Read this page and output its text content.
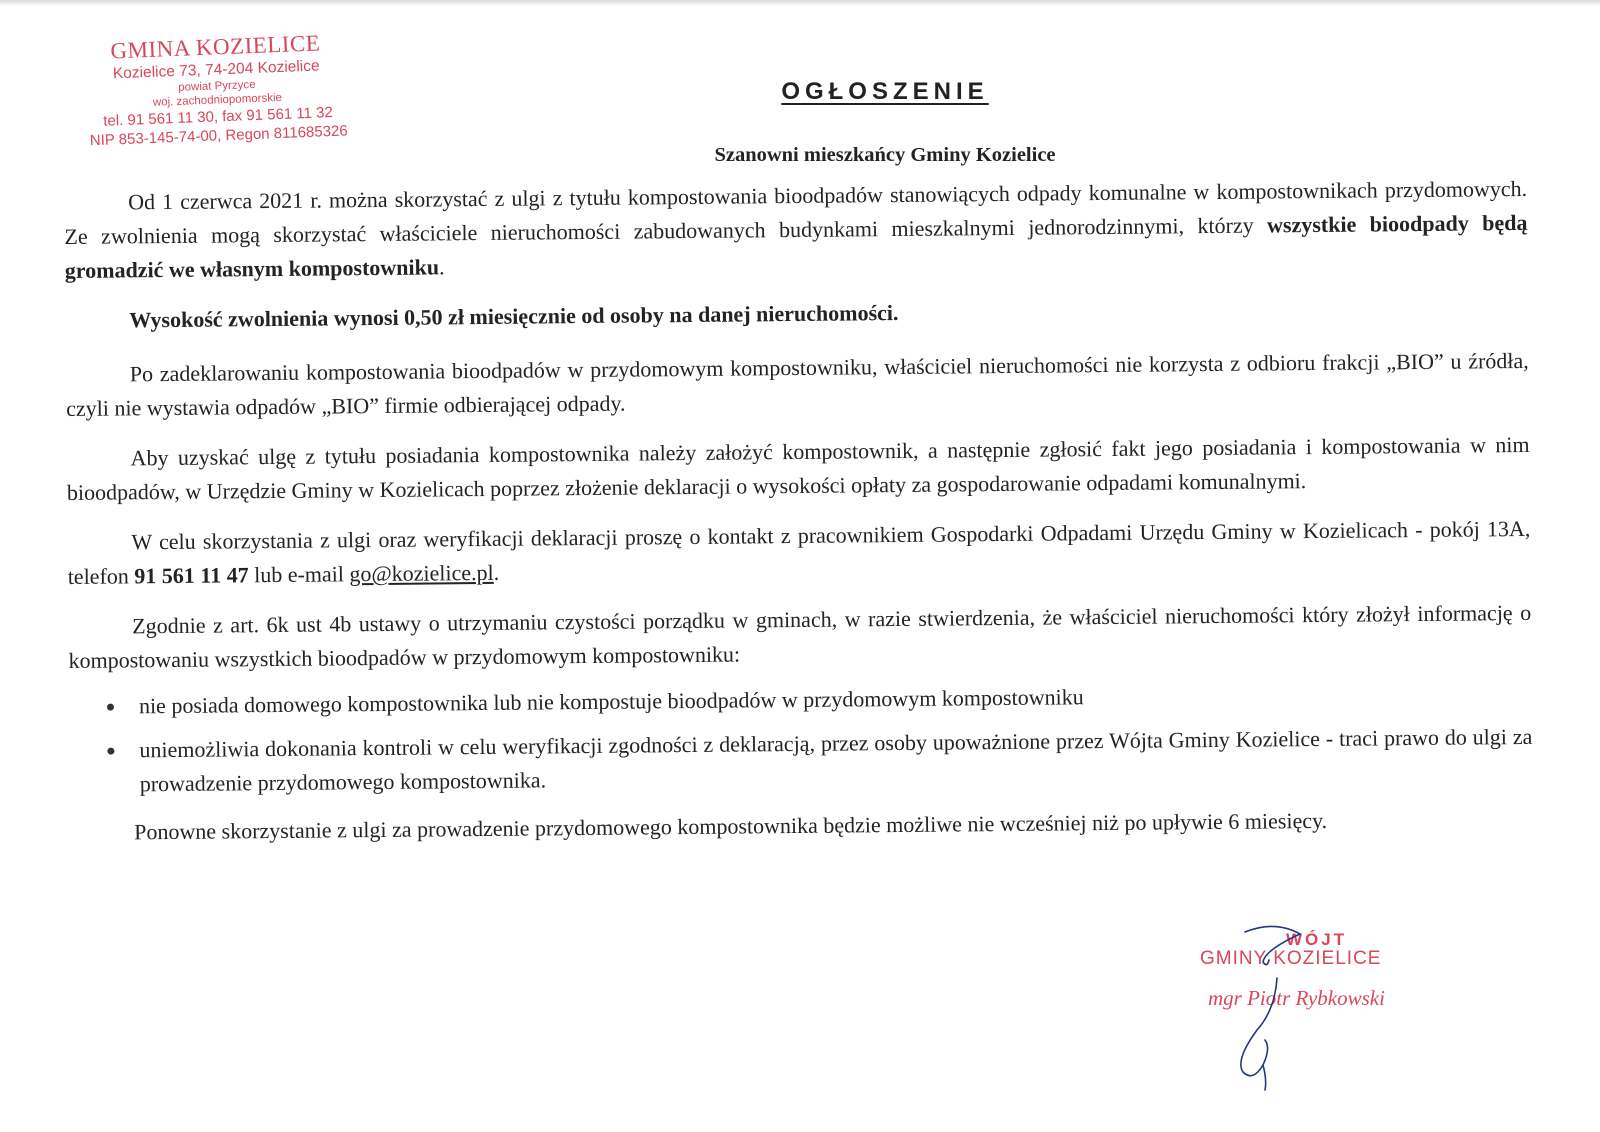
GMINA KOZIELICE
Kozielice 73, 74-204 Kozielice
powiat Pyrzyce
woj. zachodniopomorskie
tel. 91 561 11 30, fax 91 561 11 32
NIP 853-145-74-00, Regon 811685326
OGŁOSZENIE
Szanowni mieszkańcy Gminy Kozielice

Od 1 czerwca 2021 r. można skorzystać z ulgi z tytułu kompostowania bioodpadów stanowiących odpady komunalne w kompostownikach przydomowych. Ze zwolnienia mogą skorzystać właściciele nieruchomości zabudowanych budynkami mieszkalnymi jednorodzinnymi, którzy wszystkie bioodpady będą gromadzić we własnym kompostowniku.

Wysokość zwolnienia wynosi 0,50 zł miesięcznie od osoby na danej nieruchomości.

Po zadeklarowaniu kompostowania bioodpadów w przydomowym kompostowniku, właściciel nieruchomości nie korzysta z odbioru frakcji „BIO” u źródła, czyli nie wystawia odpadów „BIO” firmie odbierającej odpady.

Aby uzyskać ulgę z tytułu posiadania kompostownika należy założyć kompostownik, a następnie zgłosić fakt jego posiadania i kompostowania w nim bioodpadów, w Urzędzie Gminy w Kozielicach poprzez złożenie deklaracji o wysokości opłaty za gospodarowanie odpadami komunalnymi.

W celu skorzystania z ulgi oraz weryfikacji deklaracji proszę o kontakt z pracownikiem Gospodarki Odpadami Urzędu Gminy w Kozielicach - pokój 13A, telefon 91 561 11 47 lub e-mail go@kozielice.pl.

Zgodnie z art. 6k ust 4b ustawy o utrzymaniu czystości porządku w gminach, w razie stwierdzenia, że właściciel nieruchomości który złożył informację o kompostowaniu wszystkich bioodpadów w przydomowym kompostowniku:

nie posiada domowego kompostownika lub nie kompostuje bioodpadów w przydomowym kompostowniku
uniemożliwia dokonania kontroli w celu weryfikacji zgodności z deklaracją, przez osoby upoważnione przez Wójta Gminy Kozielice - traci prawo do ulgi za prowadzenie przydomowego kompostownika.

Ponowne skorzystanie z ulgi za prowadzenie przydomowego kompostownika będzie możliwe nie wcześniej niż po upływie 6 miesięcy.

WÓJT
GMINY KOZIELICE
mgr Piotr Rybkowski
